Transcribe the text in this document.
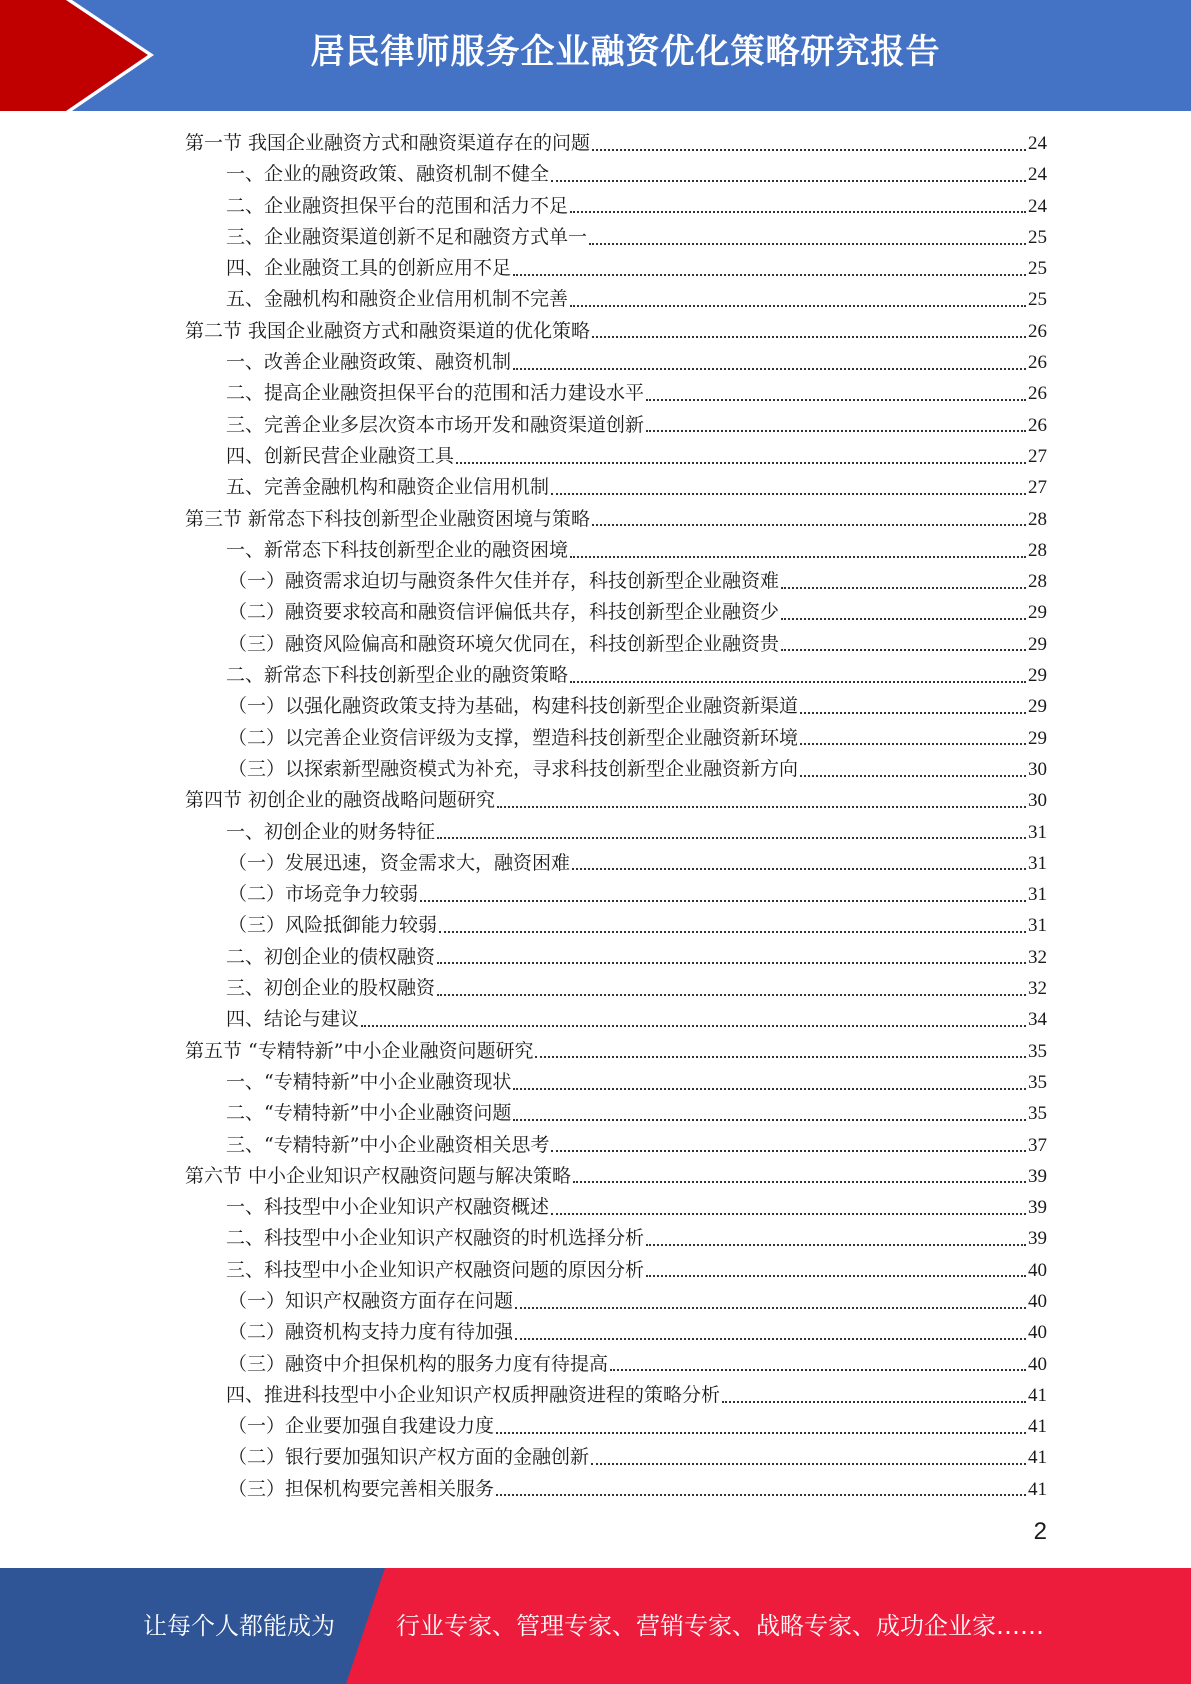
居民律师服务企业融资优化策略研究报告
第一节 我国企业融资方式和融资渠道存在的问题	24
一、企业的融资政策、融资机制不健全	24
二、企业融资担保平台的范围和活力不足	24
三、企业融资渠道创新不足和融资方式单一	25
四、企业融资工具的创新应用不足	25
五、金融机构和融资企业信用机制不完善	25
第二节 我国企业融资方式和融资渠道的优化策略	26
一、改善企业融资政策、融资机制	26
二、提高企业融资担保平台的范围和活力建设水平	26
三、完善企业多层次资本市场开发和融资渠道创新	26
四、创新民营企业融资工具	27
五、完善金融机构和融资企业信用机制	27
第三节 新常态下科技创新型企业融资困境与策略	28
一、新常态下科技创新型企业的融资困境	28
（一）融资需求迫切与融资条件欠佳并存，科技创新型企业融资难	28
（二）融资要求较高和融资信评偏低共存，科技创新型企业融资少	29
（三）融资风险偏高和融资环境欠优同在，科技创新型企业融资贵	29
二、新常态下科技创新型企业的融资策略	29
（一）以强化融资政策支持为基础，构建科技创新型企业融资新渠道	29
（二）以完善企业资信评级为支撑，塑造科技创新型企业融资新环境	29
（三）以探索新型融资模式为补充，寻求科技创新型企业融资新方向	30
第四节 初创企业的融资战略问题研究	30
一、初创企业的财务特征	31
（一）发展迅速，资金需求大，融资困难	31
（二）市场竞争力较弱	31
（三）风险抵御能力较弱	31
二、初创企业的债权融资	32
三、初创企业的股权融资	32
四、结论与建议	34
第五节 “专精特新”中小企业融资问题研究	35
一、“专精特新”中小企业融资现状	35
二、“专精特新”中小企业融资问题	35
三、“专精特新”中小企业融资相关思考	37
第六节 中小企业知识产权融资问题与解决策略	39
一、科技型中小企业知识产权融资概述	39
二、科技型中小企业知识产权融资的时机选择分析	39
三、科技型中小企业知识产权融资问题的原因分析	40
（一）知识产权融资方面存在问题	40
（二）融资机构支持力度有待加强	40
（三）融资中介担保机构的服务力度有待提高	40
四、推进科技型中小企业知识产权质押融资进程的策略分析	41
（一）企业要加强自我建设力度	41
（二）银行要加强知识产权方面的金融创新	41
（三）担保机构要完善相关服务	41
2
让每个人都能成为	行业专家、管理专家、营销专家、战略专家、成功企业家……
